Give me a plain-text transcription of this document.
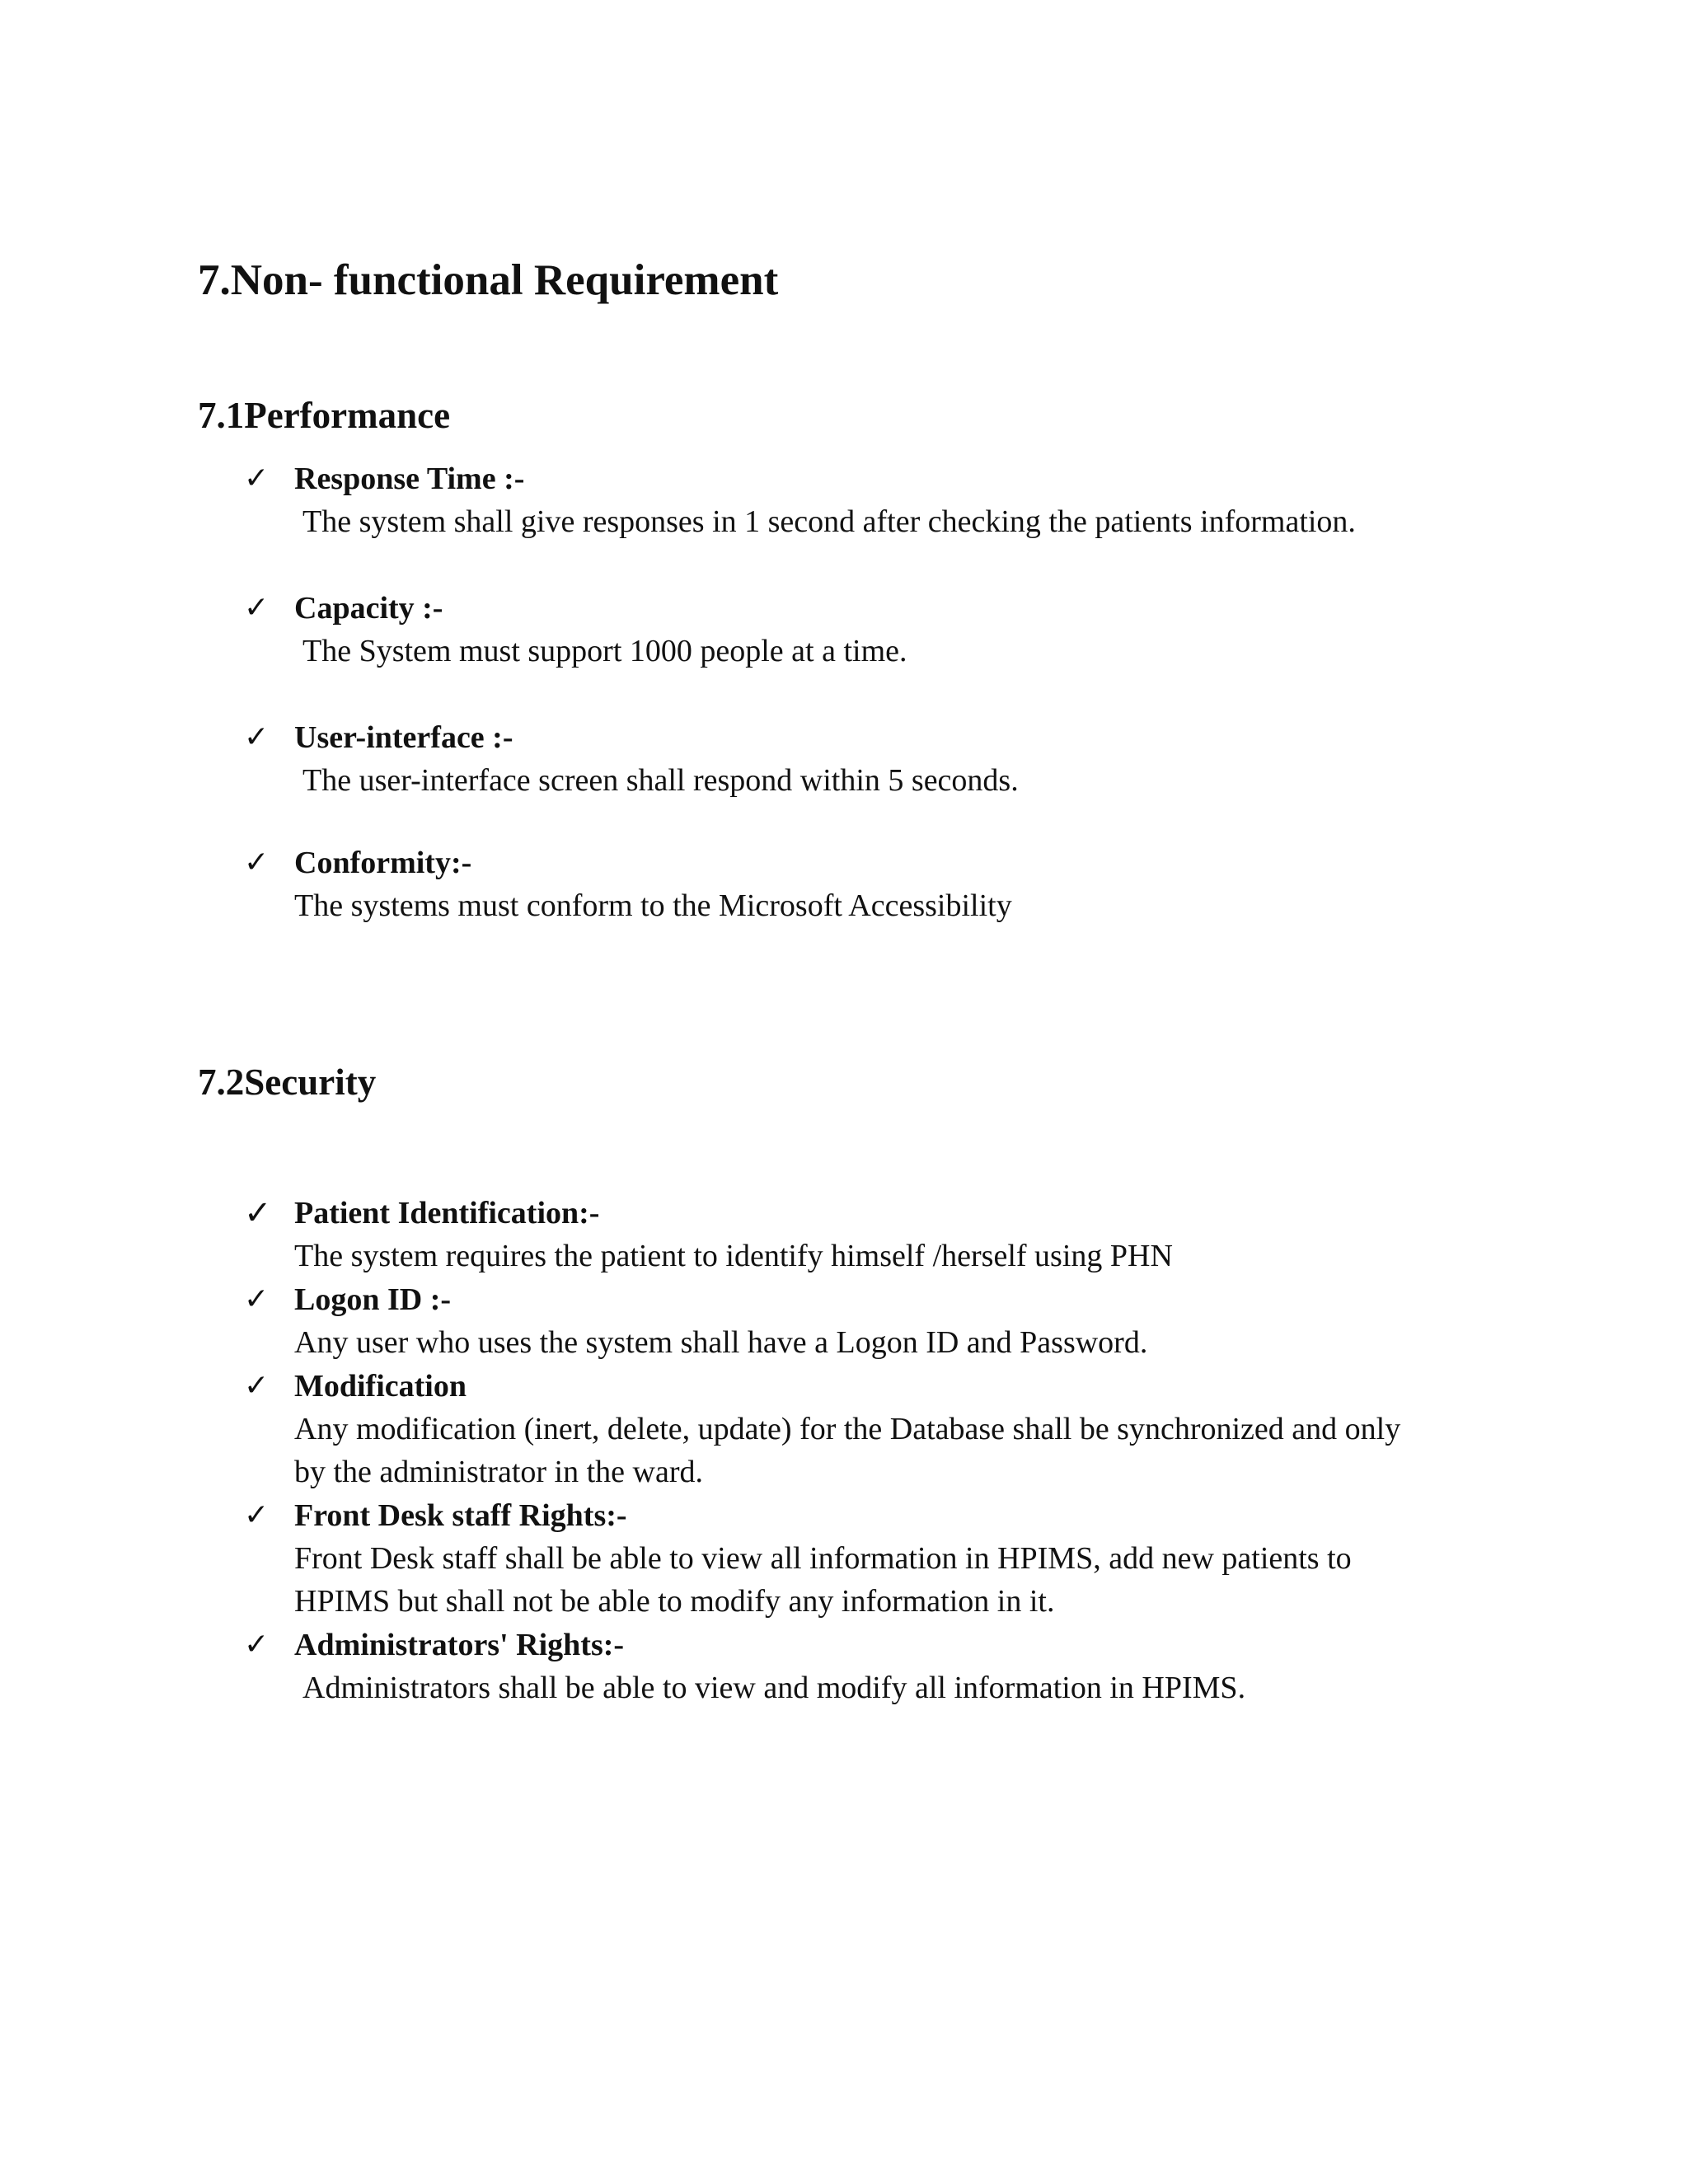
7.Non- functional Requirement
7.1Performance
✓ Response Time :-
The system shall give responses in 1 second after checking the patients information.
✓ Capacity :-
The System must support 1000 people at a time.
✓ User-interface :-
The user-interface screen shall respond within 5 seconds.
✓ Conformity:-
The systems must conform to the Microsoft Accessibility
7.2Security
✓ Patient Identification:-
The system requires the patient to identify himself /herself using PHN
✓ Logon ID :-
Any user who uses the system shall have a Logon ID and Password.
✓ Modification
Any modification (inert, delete, update) for the Database shall be synchronized and only
by the administrator in the ward.
✓ Front Desk staff Rights:-
Front Desk staff shall be able to view all information in HPIMS, add new patients to
HPIMS but shall not be able to modify any information in it.
✓ Administrators' Rights:-
Administrators shall be able to view and modify all information in HPIMS.
